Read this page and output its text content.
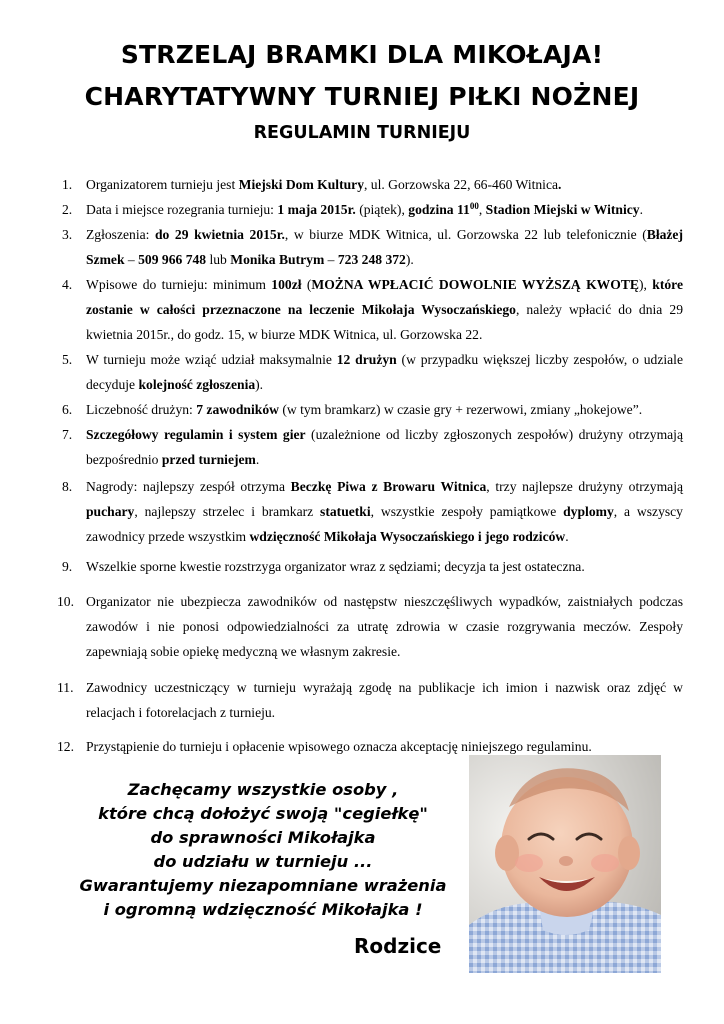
STRZELAJ BRAMKI DLA MIKOŁAJA!
CHARYTATYWNY TURNIEJ PIŁKI NOŻNEJ
REGULAMIN TURNIEJU
1. Organizatorem turnieju jest Miejski Dom Kultury, ul. Gorzowska 22, 66-460 Witnica.
2. Data i miejsce rozegrania turnieju: 1 maja 2015r. (piątek), godzina $11^{00}$, Stadion Miejski w Witnicy.
3. Zgłoszenia: do 29 kwietnia 2015r., w biurze MDK Witnica, ul. Gorzowska 22 lub telefonicznie (Błażej Szmek – 509 966 748 lub Monika Butrym – 723 248 372).
4. Wpisowe do turnieju: minimum 100zł (MOŻNA WPŁACIĆ DOWOLNIE WYŻSZĄ KWOTĘ), które zostanie w całości przeznaczone na leczenie Mikołaja Wysoczańskiego, należy wpłacić do dnia 29 kwietnia 2015r., do godz. 15, w biurze MDK Witnica, ul. Gorzowska 22.
5. W turnieju może wziąć udział maksymalnie 12 drużyn (w przypadku większej liczby zespołów, o udziale decyduje kolejność zgłoszenia).
6. Liczebność drużyn: 7 zawodników (w tym bramkarz) w czasie gry + rezerwowi, zmiany „hokejowe”.
7. Szczegółowy regulamin i system gier (uzależnione od liczby zgłoszonych zespołów) drużyny otrzymają bezpośrednio przed turniejem.
8. Nagrody: najlepszy zespół otrzyma Beczkę Piwa z Browaru Witnica, trzy najlepsze drużyny otrzymają puchary, najlepszy strzelec i bramkarz statuetki, wszystkie zespoły pamiątkowe dyplomy, a wszyscy zawodnicy przede wszystkim wdzięczność Mikołaja Wysoczańskiego i jego rodziców.
9. Wszelkie sporne kwestie rozstrzyga organizator wraz z sędziami; decyzja ta jest ostateczna.
10. Organizator nie ubezpiecza zawodników od następstw nieszczęśliwych wypadków, zaistniałych podczas zawodów i nie ponosi odpowiedzialności za utratę zdrowia w czasie rozgrywania meczów. Zespoły zapewniają sobie opiekę medyczną we własnym zakresie.
11. Zawodnicy uczestniczący w turnieju wyrażają zgodę na publikacje ich imion i nazwisk oraz zdjęć w relacjach i fotorelacjach z turnieju.
12. Przystąpienie do turnieju i opłacenie wpisowego oznacza akceptację niniejszego regulaminu.
Zachęcamy wszystkie osoby ,
które chcą dołożyć swoją "cegiełkę"
do sprawności Mikołajka
do udziału w turnieju ...
Gwarantujemy niezapomniane wrażenia
i ogromną wdzięczność Mikołajka !
Rodzice
